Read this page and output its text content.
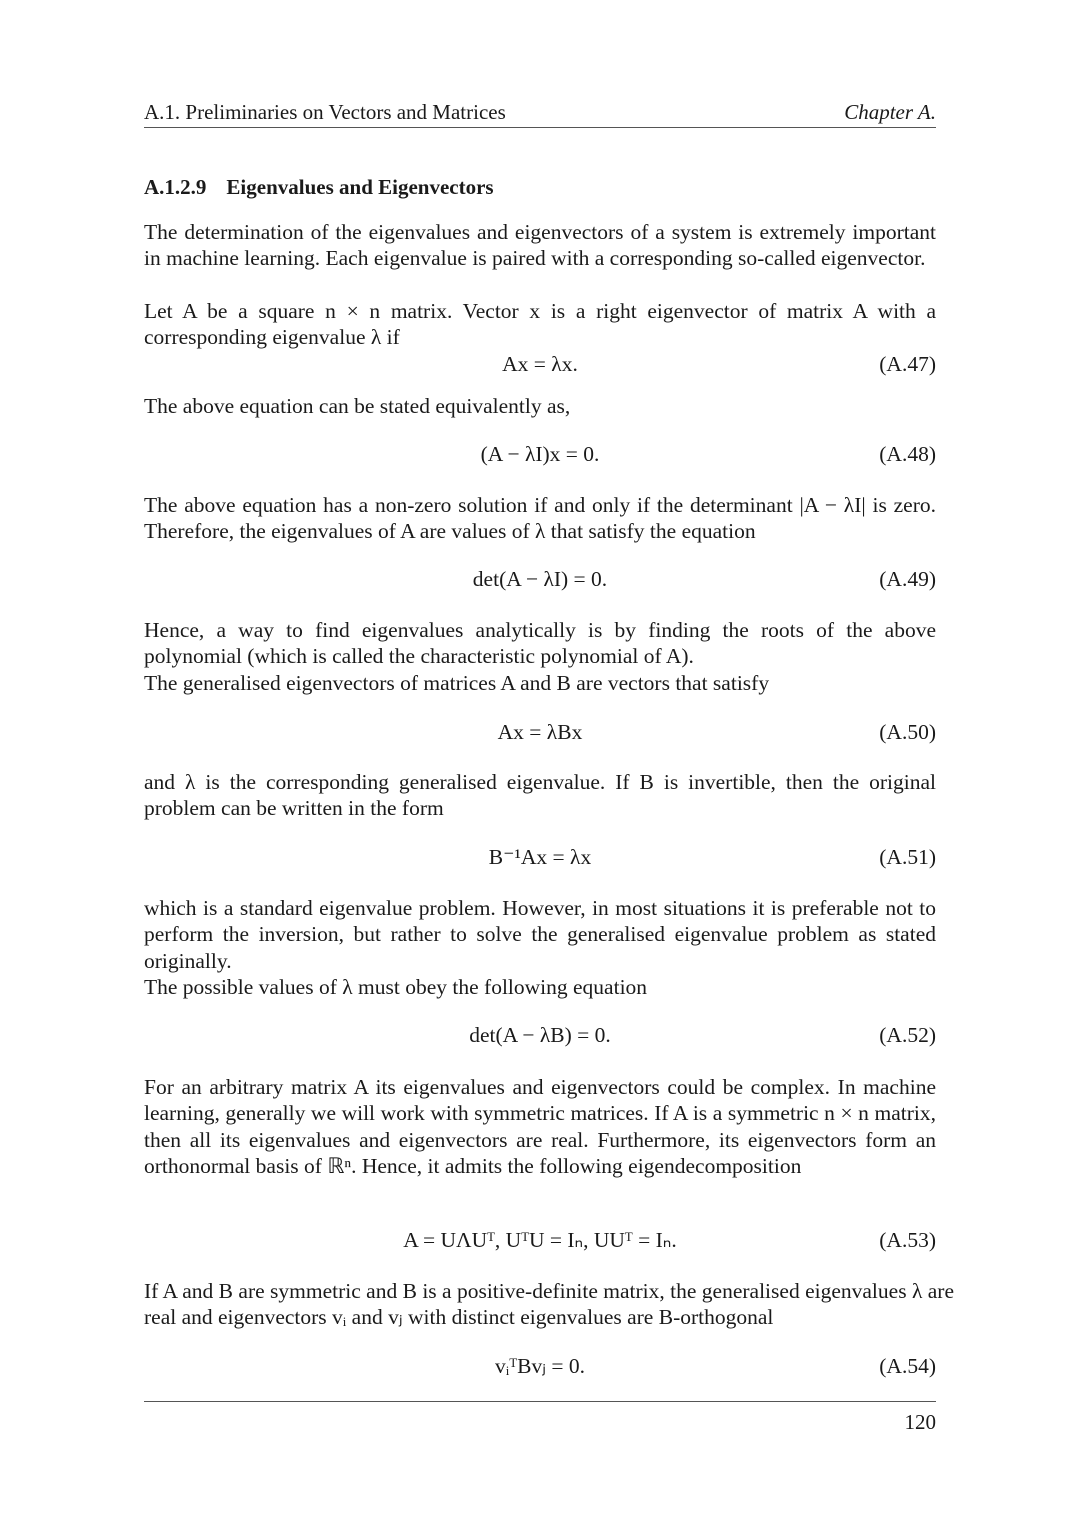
A.1. Preliminaries on Vectors and Matrices	Chapter A.
A.1.2.9 Eigenvalues and Eigenvectors

The determination of the eigenvalues and eigenvectors of a system is extremely important in machine learning. Each eigenvalue is paired with a corresponding so-called eigenvector.

Let A be a square n × n matrix. Vector x is a right eigenvector of matrix A with a corresponding eigenvalue λ if

Ax = λx.	(A.47)

The above equation can be stated equivalently as,

(A − λI)x = 0.	(A.48)

The above equation has a non-zero solution if and only if the determinant |A − λI| is zero. Therefore, the eigenvalues of A are values of λ that satisfy the equation

det(A − λI) = 0.	(A.49)

Hence, a way to find eigenvalues analytically is by finding the roots of the above polynomial (which is called the characteristic polynomial of A).

The generalised eigenvectors of matrices A and B are vectors that satisfy

Ax = λBx	(A.50)

and λ is the corresponding generalised eigenvalue. If B is invertible, then the original problem can be written in the form

B⁻¹Ax = λx	(A.51)

which is a standard eigenvalue problem. However, in most situations it is preferable not to perform the inversion, but rather to solve the generalised eigenvalue problem as stated originally.

The possible values of λ must obey the following equation

det(A − λB) = 0.	(A.52)

For an arbitrary matrix A its eigenvalues and eigenvectors could be complex. In machine learning, generally we will work with symmetric matrices. If A is a symmetric n × n matrix, then all its eigenvalues and eigenvectors are real. Furthermore, its eigenvectors form an orthonormal basis of ℝⁿ. Hence, it admits the following eigendecomposition

A = UΛUᵀ, UᵀU = Iₙ, UUᵀ = Iₙ.	(A.53)

If A and B are symmetric and B is a positive-definite matrix, the generalised eigenvalues λ are real and eigenvectors vᵢ and vⱼ with distinct eigenvalues are B-orthogonal

vᵢᵀBvⱼ = 0.	(A.54)
120
